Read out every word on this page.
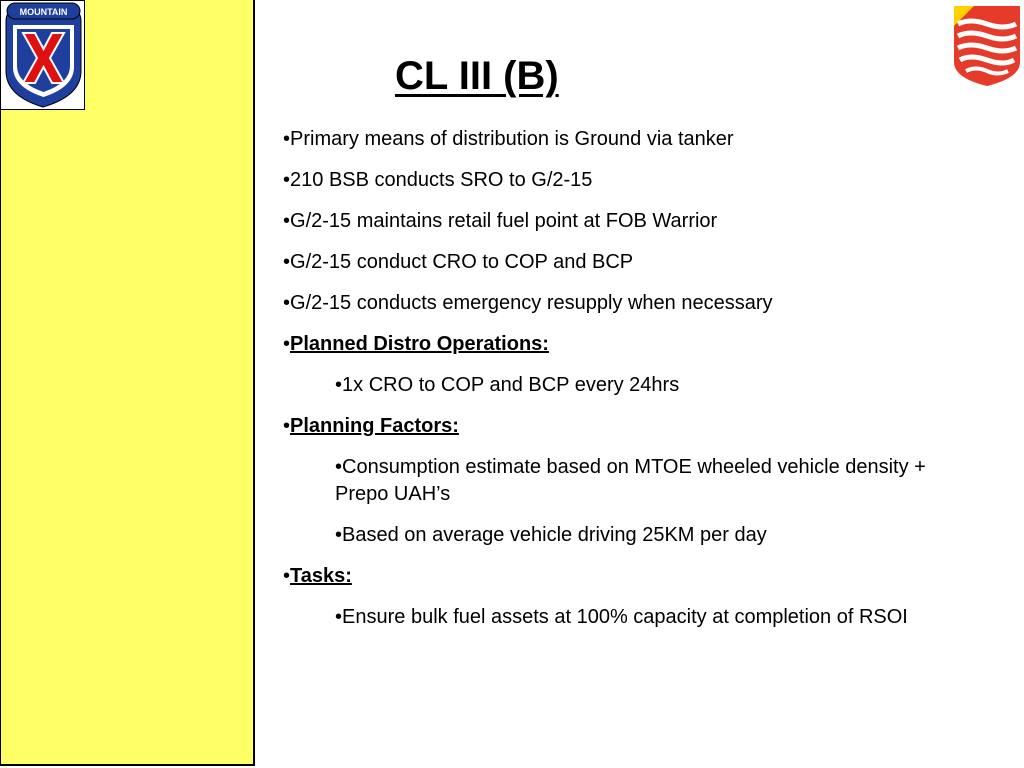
MOUNTAIN
CL III (B)
•Primary means of distribution is Ground via tanker
•210 BSB conducts SRO to G/2-15
•G/2-15 maintains retail fuel point at FOB Warrior
•G/2-15 conduct CRO to COP and BCP
•G/2-15 conducts emergency resupply when necessary
•Planned Distro Operations:
•1x CRO to COP and BCP every 24hrs
•Planning Factors:
•Consumption estimate based on MTOE wheeled vehicle density + Prepo UAH’s
•Based on average vehicle driving 25KM per day
•Tasks:
•Ensure bulk fuel assets at 100% capacity at completion of RSOI
